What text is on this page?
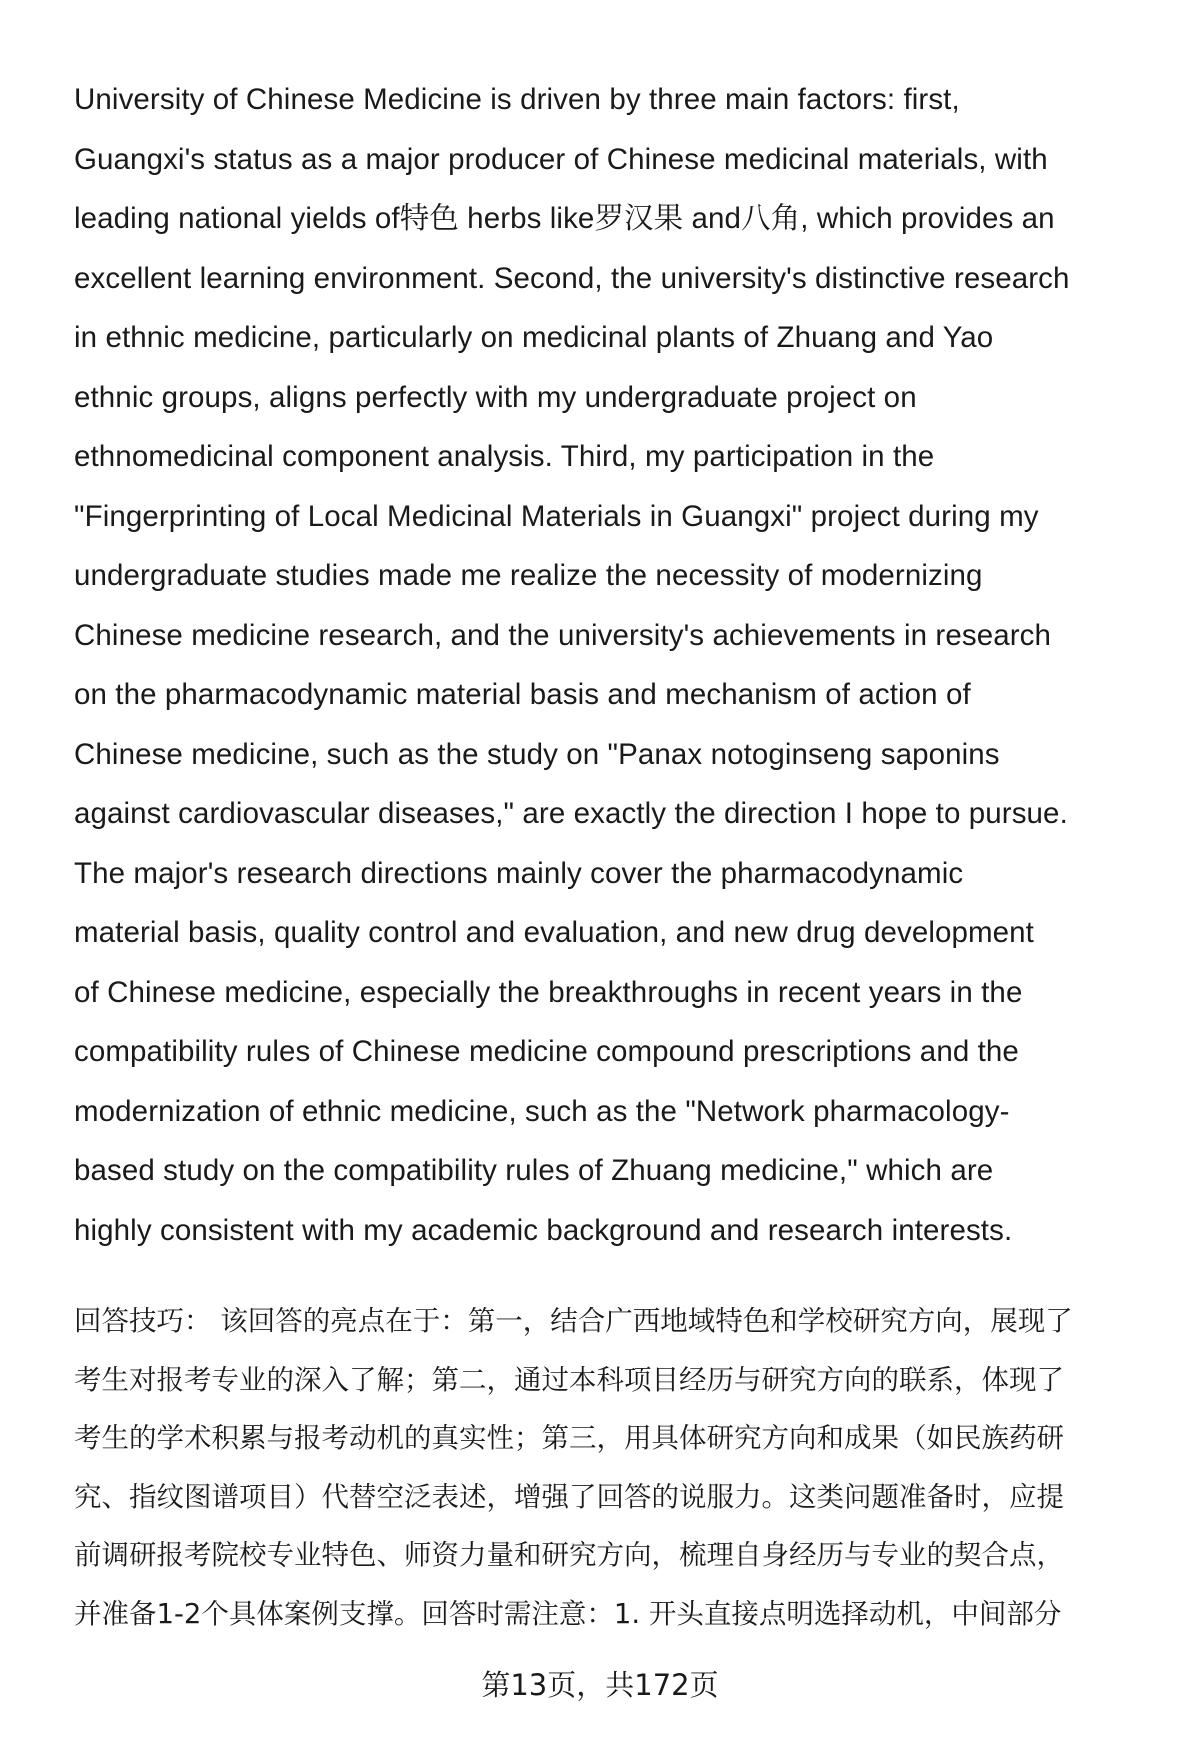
University of Chinese Medicine is driven by three main factors: first,
Guangxi's status as a major producer of Chinese medicinal materials, with
leading national yields of特色 herbs like罗汉果 and八角, which provides an
excellent learning environment. Second, the university's distinctive research
in ethnic medicine, particularly on medicinal plants of Zhuang and Yao
ethnic groups, aligns perfectly with my undergraduate project on
ethnomedicinal component analysis. Third, my participation in the
"Fingerprinting of Local Medicinal Materials in Guangxi" project during my
undergraduate studies made me realize the necessity of modernizing
Chinese medicine research, and the university's achievements in research
on the pharmacodynamic material basis and mechanism of action of
Chinese medicine, such as the study on "Panax notoginseng saponins
against cardiovascular diseases," are exactly the direction I hope to pursue.
The major's research directions mainly cover the pharmacodynamic
material basis, quality control and evaluation, and new drug development
of Chinese medicine, especially the breakthroughs in recent years in the
compatibility rules of Chinese medicine compound prescriptions and the
modernization of ethnic medicine, such as the "Network pharmacology-
based study on the compatibility rules of Zhuang medicine," which are
highly consistent with my academic background and research interests.
回答技巧： 该回答的亮点在于：第一，结合广西地域特色和学校研究方向，展现了
考生对报考专业的深入了解；第二，通过本科项目经历与研究方向的联系，体现了
考生的学术积累与报考动机的真实性；第三，用具体研究方向和成果（如民族药研
究、指纹图谱项目）代替空泛表述，增强了回答的说服力。这类问题准备时，应提
前调研报考院校专业特色、师资力量和研究方向，梳理自身经历与专业的契合点，
并准备1-2个具体案例支撑。回答时需注意：1. 开头直接点明选择动机，中间部分
第13页，共172页
